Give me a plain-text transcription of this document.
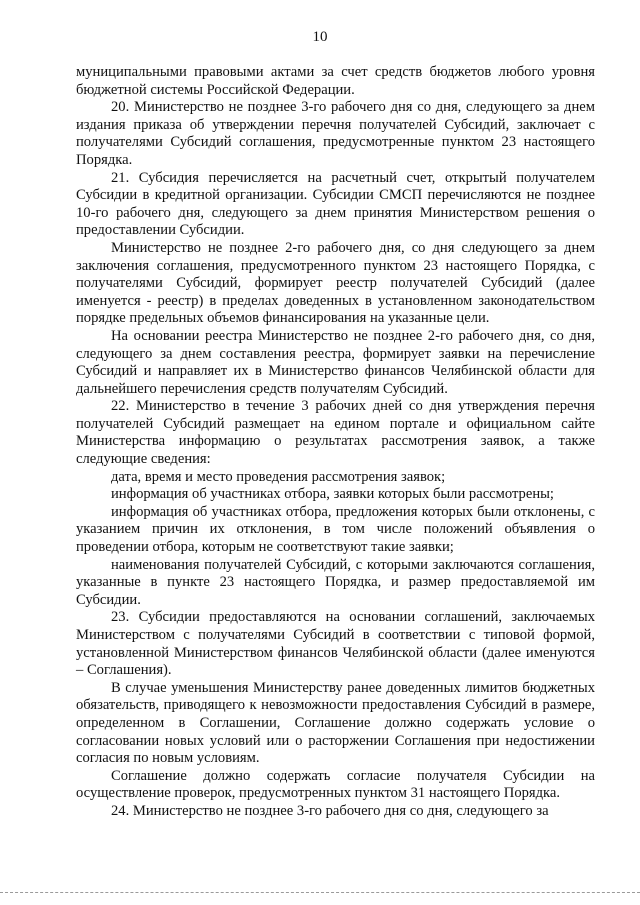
10

муниципальными правовыми актами за счет средств бюджетов любого уровня бюджетной системы Российской Федерации.

20. Министерство не позднее 3-го рабочего дня со дня, следующего за днем издания приказа об утверждении перечня получателей Субсидий, заключает с получателями Субсидий соглашения, предусмотренные пунктом 23 настоящего Порядка.

21. Субсидия перечисляется на расчетный счет, открытый получателем Субсидии в кредитной организации. Субсидии СМСП перечисляются не позднее 10-го рабочего дня, следующего за днем принятия Министерством решения о предоставлении Субсидии.

Министерство не позднее 2-го рабочего дня, со дня следующего за днем заключения соглашения, предусмотренного пунктом 23 настоящего Порядка, с получателями Субсидий, формирует реестр получателей Субсидий (далее именуется - реестр) в пределах доведенных в установленном законодательством порядке предельных объемов финансирования на указанные цели.

На основании реестра Министерство не позднее 2-го рабочего дня, со дня, следующего за днем составления реестра, формирует заявки на перечисление Субсидий и направляет их в Министерство финансов Челябинской области для дальнейшего перечисления средств получателям Субсидий.

22. Министерство в течение 3 рабочих дней со дня утверждения перечня получателей Субсидий размещает на едином портале и официальном сайте Министерства информацию о результатах рассмотрения заявок, а также следующие сведения:

дата, время и место проведения рассмотрения заявок;

информация об участниках отбора, заявки которых были рассмотрены;

информация об участниках отбора, предложения которых были отклонены, с указанием причин их отклонения, в том числе положений объявления о проведении отбора, которым не соответствуют такие заявки;

наименования получателей Субсидий, с которыми заключаются соглашения, указанные в пункте 23 настоящего Порядка, и размер предоставляемой им Субсидии.

23. Субсидии предоставляются на основании соглашений, заключаемых Министерством с получателями Субсидий в соответствии с типовой формой, установленной Министерством финансов Челябинской области (далее именуются – Соглашения).

В случае уменьшения Министерству ранее доведенных лимитов бюджетных обязательств, приводящего к невозможности предоставления Субсидий в размере, определенном в Соглашении, Соглашение должно содержать условие о согласовании новых условий или о расторжении Соглашения при недостижении согласия по новым условиям.

Соглашение должно содержать согласие получателя Субсидии на осуществление проверок, предусмотренных пунктом 31 настоящего Порядка.

24. Министерство не позднее 3-го рабочего дня со дня, следующего за
